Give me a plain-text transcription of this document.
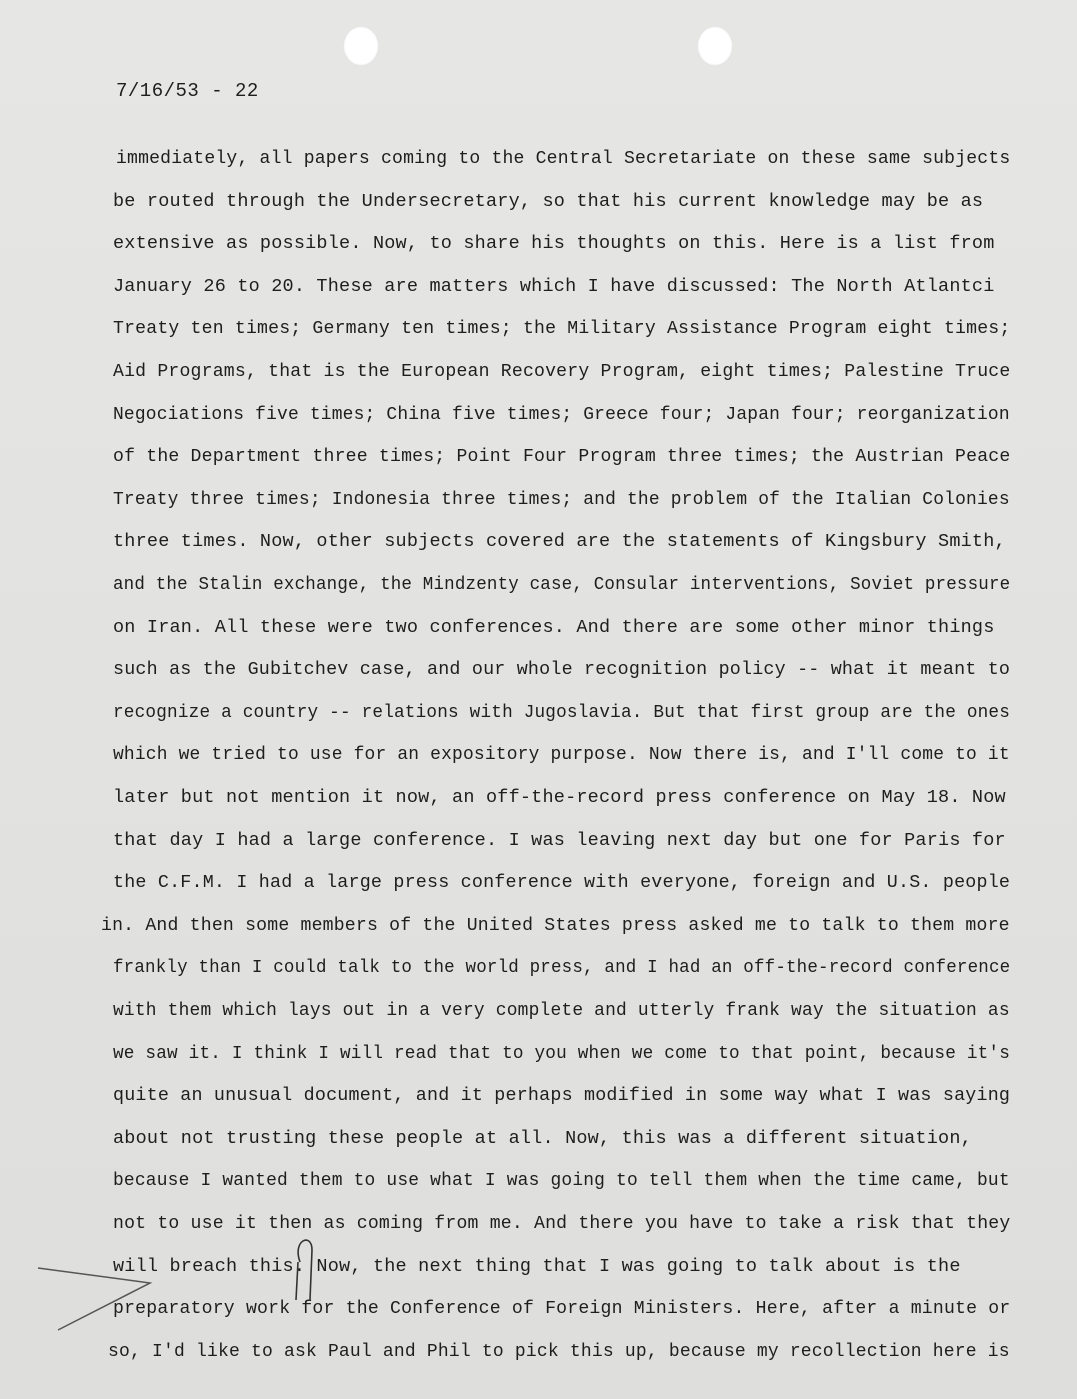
7/16/53 - 22
immediately, all papers coming to the Central Secretariate on these same subjects
be routed through the Undersecretary, so that his current knowledge may be as
extensive as possible. Now, to share his thoughts on this. Here is a list from
January 26 to 20. These are matters which I have discussed: The North Atlantci
Treaty ten times; Germany ten times; the Military Assistance Program eight times;
Aid Programs, that is the European Recovery Program, eight times; Palestine Truce
Negociations five times; China five times; Greece four; Japan four; reorganization
of the Department three times; Point Four Program three times; the Austrian Peace
Treaty three times; Indonesia three times; and the problem of the Italian Colonies
three times. Now, other subjects covered are the statements of Kingsbury Smith,
and the Stalin exchange, the Mindzenty case, Consular interventions, Soviet pressure
on Iran. All these were two conferences. And there are some other minor things
such as the Gubitchev case, and our whole recognition policy -- what it meant to
recognize a country -- relations with Jugoslavia. But that first group are the ones
which we tried to use for an expository purpose. Now there is, and I'll come to it
later but not mention it now, an off-the-record press conference on May 18. Now
that day I had a large conference. I was leaving next day but one for Paris for
the C.F.M. I had a large press conference with everyone, foreign and U.S. people
in. And then some members of the United States press asked me to talk to them more
frankly than I could talk to the world press, and I had an off-the-record conference
with them which lays out in a very complete and utterly frank way the situation as
we saw it. I think I will read that to you when we come to that point, because it's
quite an unusual document, and it perhaps modified in some way what I was saying
about not trusting these people at all. Now, this was a different situation,
because I wanted them to use what I was going to tell them when the time came, but
not to use it then as coming from me. And there you have to take a risk that they
will breach this. Now, the next thing that I was going to talk about is the
preparatory work for the Conference of Foreign Ministers. Here, after a minute or
so, I'd like to ask Paul and Phil to pick this up, because my recollection here is
